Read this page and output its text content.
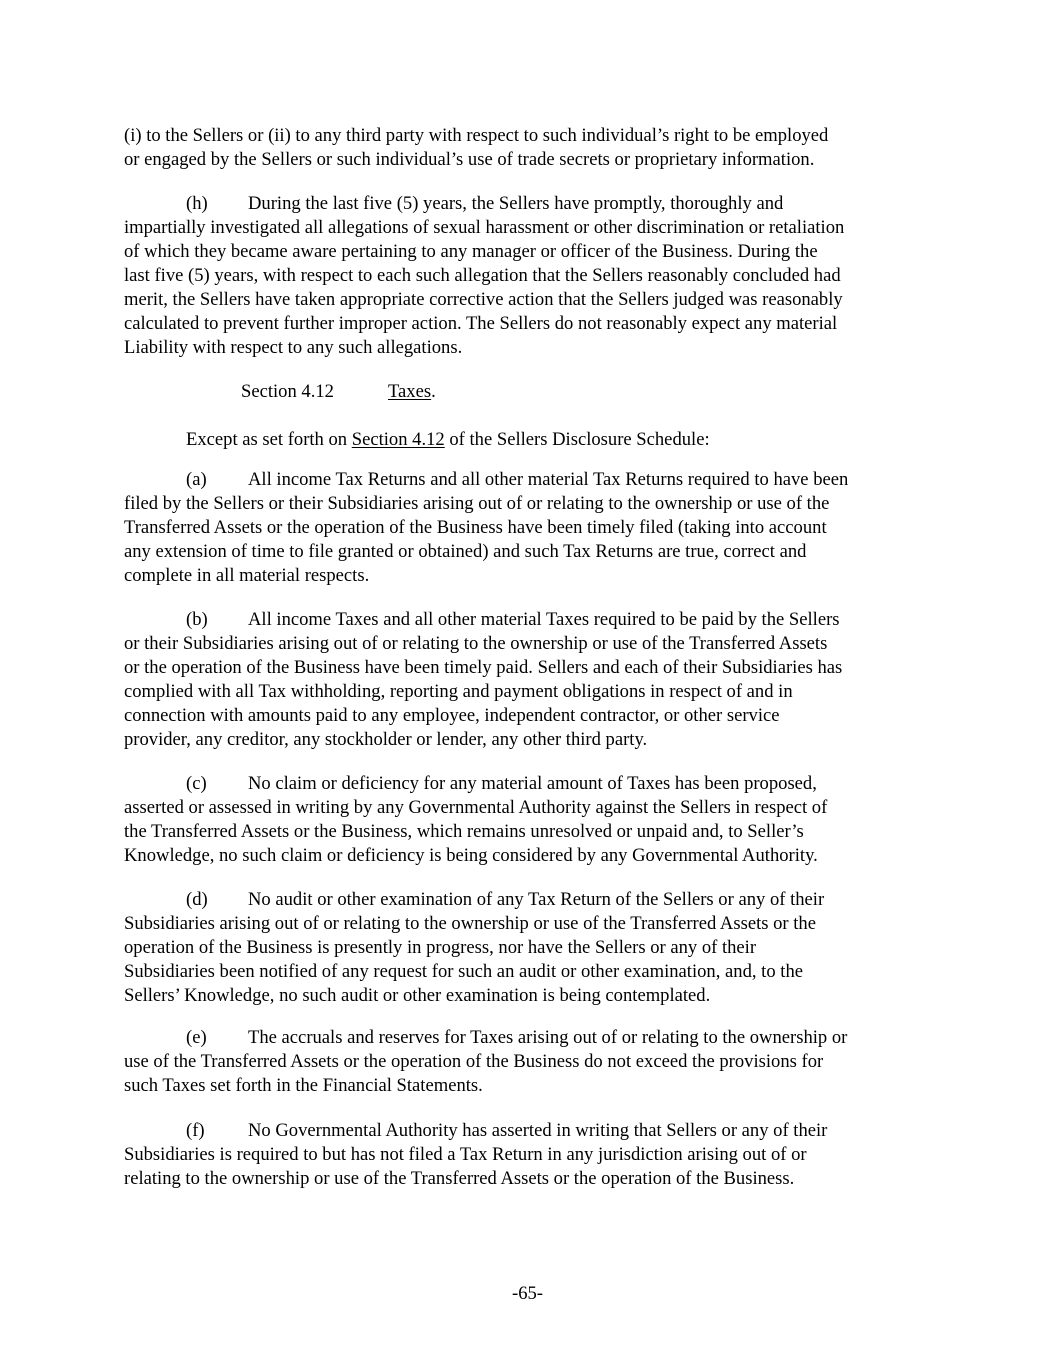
(i) to the Sellers or (ii) to any third party with respect to such individual’s right to be employed
or engaged by the Sellers or such individual’s use of trade secrets or proprietary information.
(h) During the last five (5) years, the Sellers have promptly, thoroughly and
impartially investigated all allegations of sexual harassment or other discrimination or retaliation
of which they became aware pertaining to any manager or officer of the Business. During the
last five (5) years, with respect to each such allegation that the Sellers reasonably concluded had
merit, the Sellers have taken appropriate corrective action that the Sellers judged was reasonably
calculated to prevent further improper action. The Sellers do not reasonably expect any material
Liability with respect to any such allegations.
Section 4.12	Taxes.
Except as set forth on Section 4.12 of the Sellers Disclosure Schedule:
(a) All income Tax Returns and all other material Tax Returns required to have been
filed by the Sellers or their Subsidiaries arising out of or relating to the ownership or use of the
Transferred Assets or the operation of the Business have been timely filed (taking into account
any extension of time to file granted or obtained) and such Tax Returns are true, correct and
complete in all material respects.
(b) All income Taxes and all other material Taxes required to be paid by the Sellers
or their Subsidiaries arising out of or relating to the ownership or use of the Transferred Assets
or the operation of the Business have been timely paid. Sellers and each of their Subsidiaries has
complied with all Tax withholding, reporting and payment obligations in respect of and in
connection with amounts paid to any employee, independent contractor, or other service
provider, any creditor, any stockholder or lender, any other third party.
(c) No claim or deficiency for any material amount of Taxes has been proposed,
asserted or assessed in writing by any Governmental Authority against the Sellers in respect of
the Transferred Assets or the Business, which remains unresolved or unpaid and, to Seller’s
Knowledge, no such claim or deficiency is being considered by any Governmental Authority.
(d) No audit or other examination of any Tax Return of the Sellers or any of their
Subsidiaries arising out of or relating to the ownership or use of the Transferred Assets or the
operation of the Business is presently in progress, nor have the Sellers or any of their
Subsidiaries been notified of any request for such an audit or other examination, and, to the
Sellers’ Knowledge, no such audit or other examination is being contemplated.
(e) The accruals and reserves for Taxes arising out of or relating to the ownership or
use of the Transferred Assets or the operation of the Business do not exceed the provisions for
such Taxes set forth in the Financial Statements.
(f) No Governmental Authority has asserted in writing that Sellers or any of their
Subsidiaries is required to but has not filed a Tax Return in any jurisdiction arising out of or
relating to the ownership or use of the Transferred Assets or the operation of the Business.
-65-
